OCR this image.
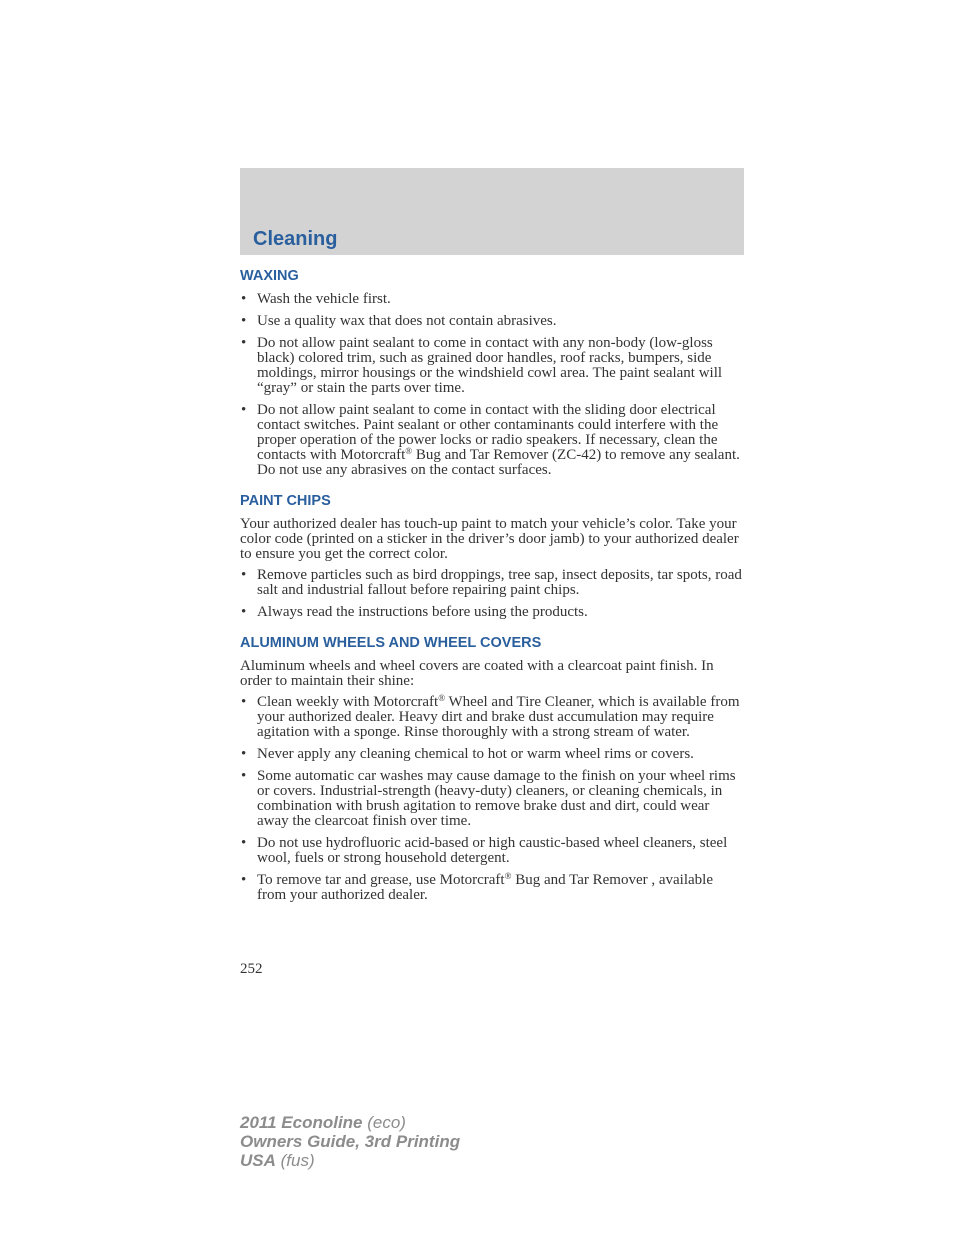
Cleaning
WAXING
• Wash the vehicle first.
• Use a quality wax that does not contain abrasives.
• Do not allow paint sealant to come in contact with any non-body (low-gloss black) colored trim, such as grained door handles, roof racks, bumpers, side moldings, mirror housings or the windshield cowl area. The paint sealant will “gray” or stain the parts over time.
• Do not allow paint sealant to come in contact with the sliding door electrical contact switches. Paint sealant or other contaminants could interfere with the proper operation of the power locks or radio speakers. If necessary, clean the contacts with Motorcraft® Bug and Tar Remover (ZC-42) to remove any sealant. Do not use any abrasives on the contact surfaces.
PAINT CHIPS

Your authorized dealer has touch-up paint to match your vehicle’s color. Take your color code (printed on a sticker in the driver’s door jamb) to your authorized dealer to ensure you get the correct color.

• Remove particles such as bird droppings, tree sap, insect deposits, tar spots, road salt and industrial fallout before repairing paint chips.
• Always read the instructions before using the products.
ALUMINUM WHEELS AND WHEEL COVERS

Aluminum wheels and wheel covers are coated with a clearcoat paint finish. In order to maintain their shine:

• Clean weekly with Motorcraft® Wheel and Tire Cleaner, which is available from your authorized dealer. Heavy dirt and brake dust accumulation may require agitation with a sponge. Rinse thoroughly with a strong stream of water.
• Never apply any cleaning chemical to hot or warm wheel rims or covers.
• Some automatic car washes may cause damage to the finish on your wheel rims or covers. Industrial-strength (heavy-duty) cleaners, or cleaning chemicals, in combination with brush agitation to remove brake dust and dirt, could wear away the clearcoat finish over time.
• Do not use hydrofluoric acid-based or high caustic-based wheel cleaners, steel wool, fuels or strong household detergent.
• To remove tar and grease, use Motorcraft® Bug and Tar Remover , available from your authorized dealer.
252
2011 Econoline (eco)
Owners Guide, 3rd Printing
USA (fus)
